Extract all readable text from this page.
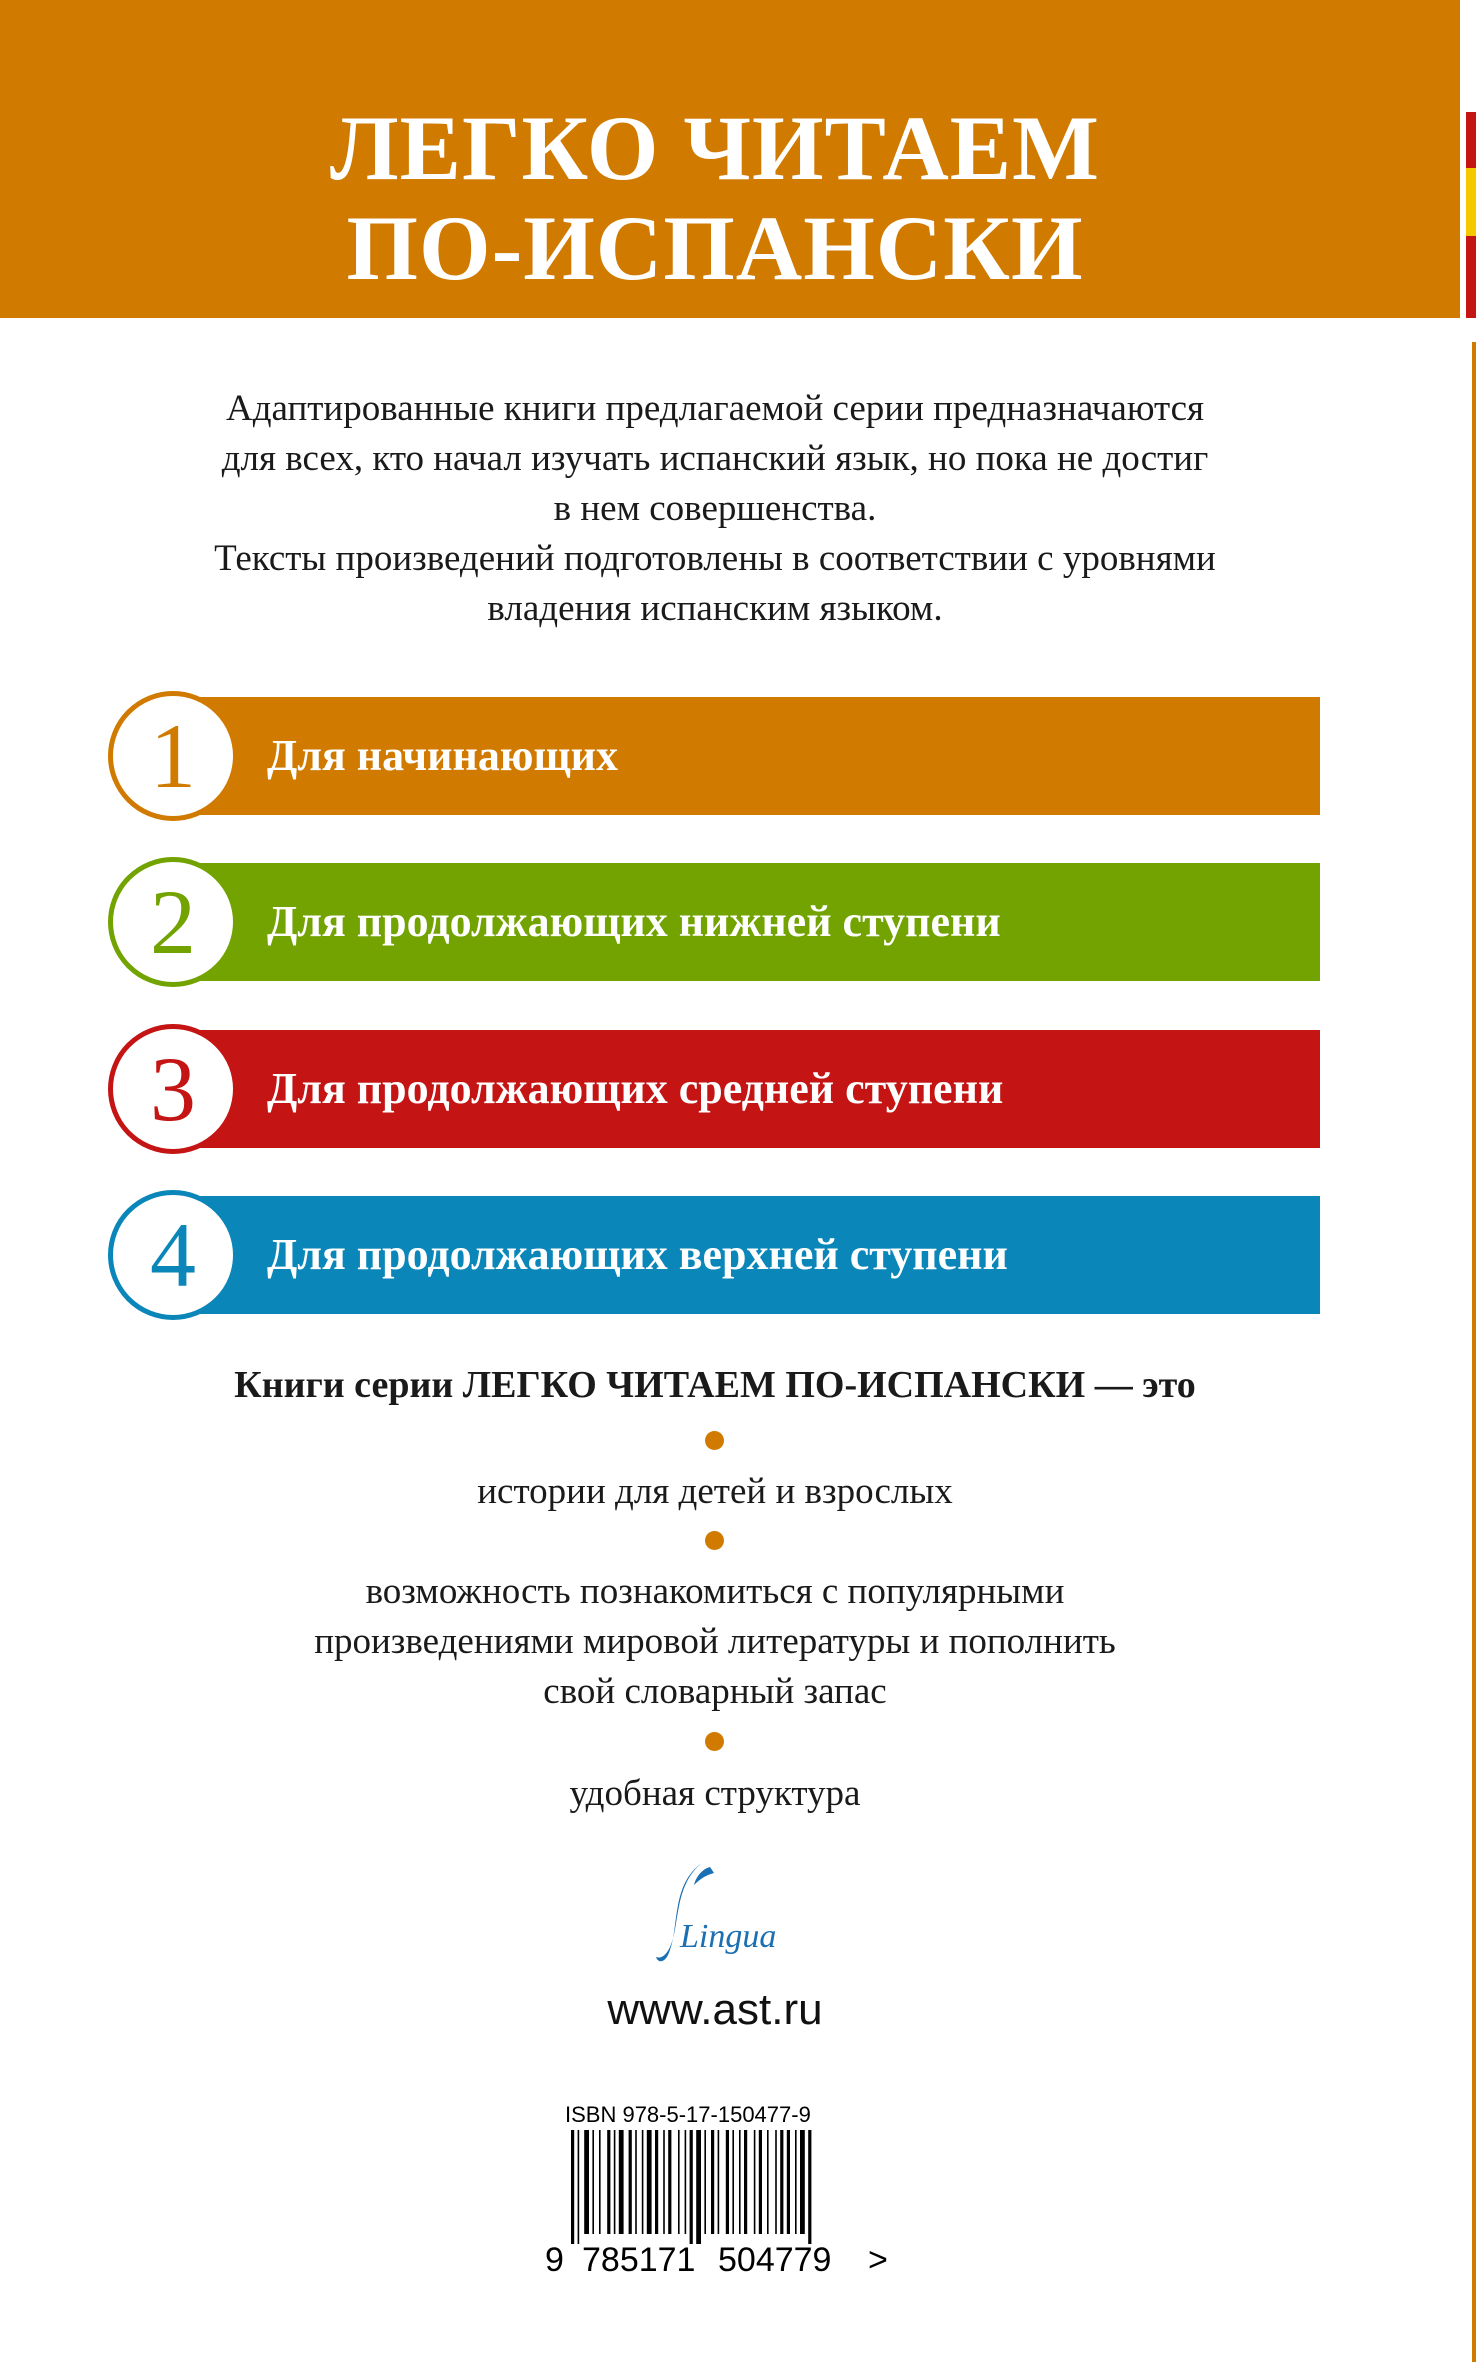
ЛЕГКО ЧИТАЕМ
ПО-ИСПАНСКИ
Адаптированные книги предлагаемой серии предназначаются
для всех, кто начал изучать испанский язык, но пока не достиг
в нем совершенства.
Тексты произведений подготовлены в соответствии с уровнями
владения испанским языком.
Для начинающих
1
Для продолжающих нижней ступени
2
Для продолжающих средней ступени
3
Для продолжающих верхней ступени
4
Книги серии ЛЕГКО ЧИТАЕМ ПО-ИСПАНСКИ — это
истории для детей и взрослых
возможность познакомиться с популярными
произведениями мировой литературы и пополнить
свой словарный запас
удобная структура
Lingua
www.ast.ru
ISBN 978-5-17-150477-9
9 785171 504779 >
